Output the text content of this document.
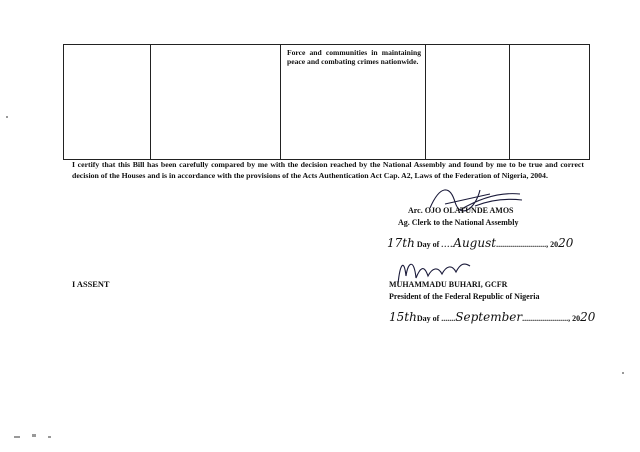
Force and communities in maintaining peace and combating crimes nationwide.

I certify that this Bill has been carefully compared by me with the decision reached by the National Assembly and found by me to be true and correct decision of the Houses and is in accordance with the provisions of the Acts Authentication Act Cap. A2, Laws of the Federation of Nigeria, 2004.
Arc. OJO OLATUNDE AMOS
Ag. Clerk to the National Assembly
17th Day of ....August........................., 2020
I ASSENT	MUHAMMADU BUHARI, GCFR
President of the Federal Republic of Nigeria
15thDay of .......September......................., 2020
